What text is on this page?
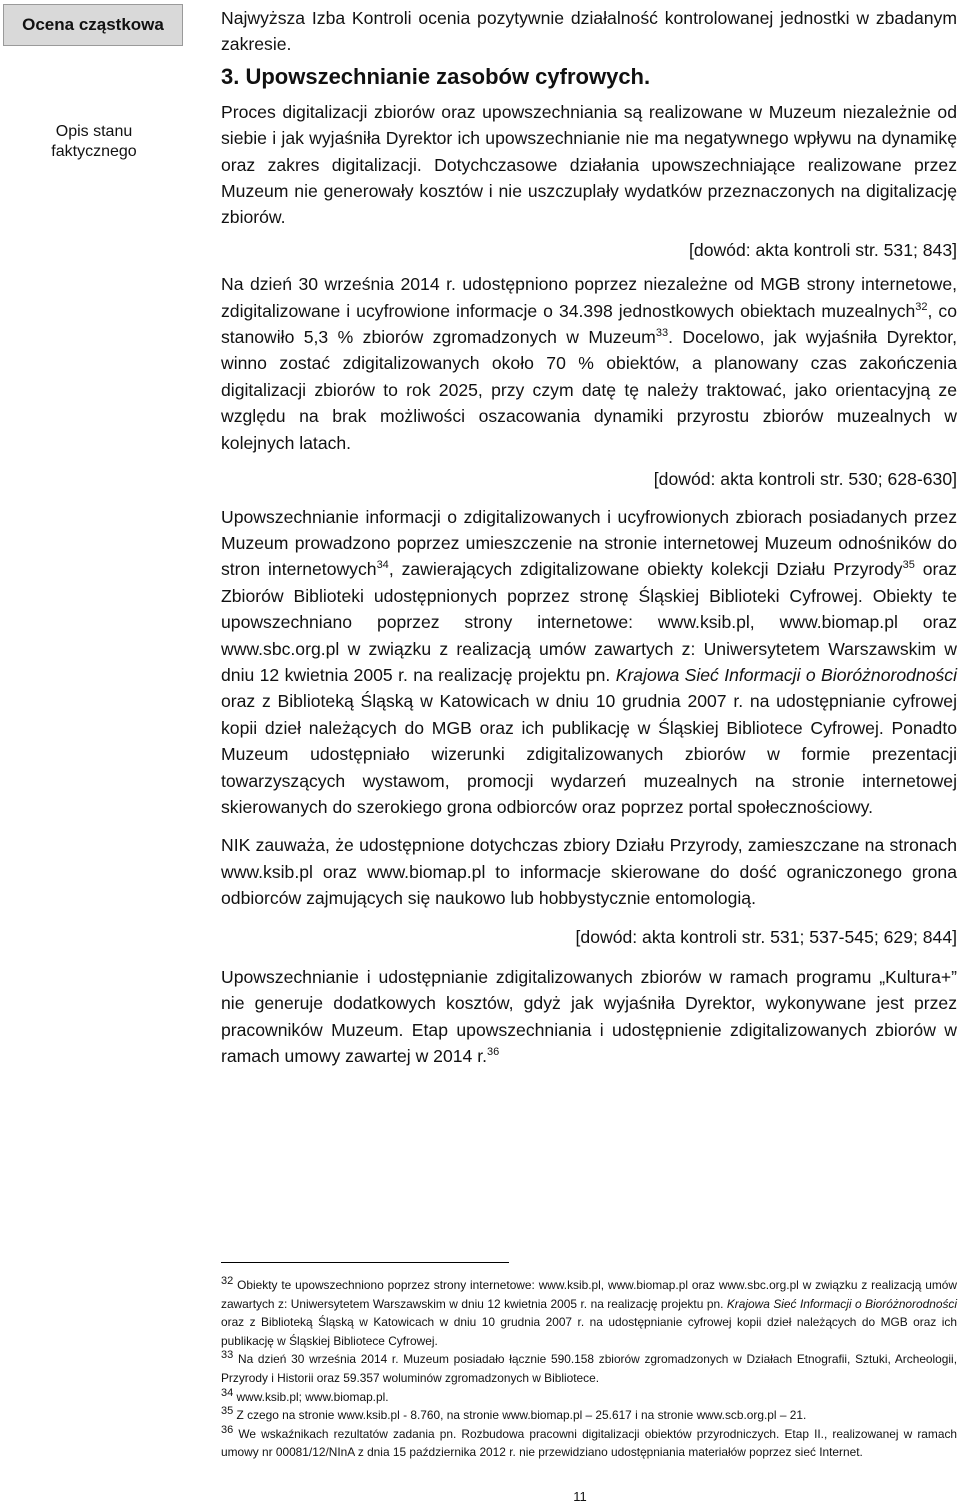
Ocena cząstkowa
Opis stanu
faktycznego

Najwyższa Izba Kontroli ocenia pozytywnie działalność kontrolowanej jednostki w zbadanym zakresie.

3. Upowszechnianie zasobów cyfrowych.

Proces digitalizacji zbiorów oraz upowszechniania są realizowane w Muzeum niezależnie od siebie i jak wyjaśniła Dyrektor ich upowszechnianie nie ma negatywnego wpływu na dynamikę oraz zakres digitalizacji. Dotychczasowe działania upowszechniające realizowane przez Muzeum nie generowały kosztów i nie uszczuplały wydatków przeznaczonych na digitalizację zbiorów.

[dowód: akta kontroli str. 531; 843]

Na dzień 30 września 2014 r. udostępniono poprzez niezależne od MGB strony internetowe, zdigitalizowane i ucyfrowione informacje o 34.398 jednostkowych obiektach muzealnych$^{32}$, co stanowiło 5,3 % zbiorów zgromadzonych w Muzeum$^{33}$. Docelowo, jak wyjaśniła Dyrektor, winno zostać zdigitalizowanych około 70 % obiektów, a planowany czas zakończenia digitalizacji zbiorów to rok 2025, przy czym datę tę należy traktować, jako orientacyjną ze względu na brak możliwości oszacowania dynamiki przyrostu zbiorów muzealnych w kolejnych latach.

[dowód: akta kontroli str. 530; 628-630]

Upowszechnianie informacji o zdigitalizowanych i ucyfrowionych zbiorach posiadanych przez Muzeum prowadzono poprzez umieszczenie na stronie internetowej Muzeum odnośników do stron internetowych$^{34}$, zawierających zdigitalizowane obiekty kolekcji Działu Przyrody$^{35}$ oraz Zbiorów Biblioteki udostępnionych poprzez stronę Śląskiej Biblioteki Cyfrowej. Obiekty te upowszechniano poprzez strony internetowe: www.ksib.pl, www.biomap.pl oraz www.sbc.org.pl w związku z realizacją umów zawartych z: Uniwersytetem Warszawskim w dniu 12 kwietnia 2005 r. na realizację projektu pn. Krajowa Sieć Informacji o Bioróżnorodności oraz z Biblioteką Śląską w Katowicach w dniu 10 grudnia 2007 r. na udostępnianie cyfrowej kopii dzieł należących do MGB oraz ich publikację w Śląskiej Bibliotece Cyfrowej. Ponadto Muzeum udostępniało wizerunki zdigitalizowanych zbiorów w formie prezentacji towarzyszących wystawom, promocji wydarzeń muzealnych na stronie internetowej skierowanych do szerokiego grona odbiorców oraz poprzez portal społecznościowy.

NIK zauważa, że udostępnione dotychczas zbiory Działu Przyrody, zamieszczane na stronach www.ksib.pl oraz www.biomap.pl to informacje skierowane do dość ograniczonego grona odbiorców zajmujących się naukowo lub hobbystycznie entomologią.

[dowód: akta kontroli str. 531; 537-545; 629; 844]

Upowszechnianie i udostępnianie zdigitalizowanych zbiorów w ramach programu „Kultura+” nie generuje dodatkowych kosztów, gdyż jak wyjaśniła Dyrektor, wykonywane jest przez pracowników Muzeum. Etap upowszechniania i udostępnienie zdigitalizowanych zbiorów w ramach umowy zawartej w 2014 r.$^{36}$

$^{32}$ Obiekty te upowszechniono poprzez strony internetowe: www.ksib.pl, www.biomap.pl oraz www.sbc.org.pl w związku z realizacją umów zawartych z: Uniwersytetem Warszawskim w dniu 12 kwietnia 2005 r. na realizację projektu pn. Krajowa Sieć Informacji o Bioróżnorodności oraz z Biblioteką Śląską w Katowicach w dniu 10 grudnia 2007 r. na udostępnianie cyfrowej kopii dzieł należących do MGB oraz ich publikację w Śląskiej Bibliotece Cyfrowej.

$^{33}$ Na dzień 30 września 2014 r. Muzeum posiadało łącznie 590.158 zbiorów zgromadzonych w Działach Etnografii, Sztuki, Archeologii, Przyrody i Historii oraz 59.357 woluminów zgromadzonych w Bibliotece.

$^{34}$ www.ksib.pl; www.biomap.pl.

$^{35}$ Z czego na stronie www.ksib.pl - 8.760, na stronie www.biomap.pl – 25.617 i na stronie www.scb.org.pl – 21.

$^{36}$ We wskaźnikach rezultatów zadania pn. Rozbudowa pracowni digitalizacji obiektów przyrodniczych. Etap II., realizowanej w ramach umowy nr 00081/12/NInA z dnia 15 października 2012 r. nie przewidziano udostępniania materiałów poprzez sieć Internet.

11
